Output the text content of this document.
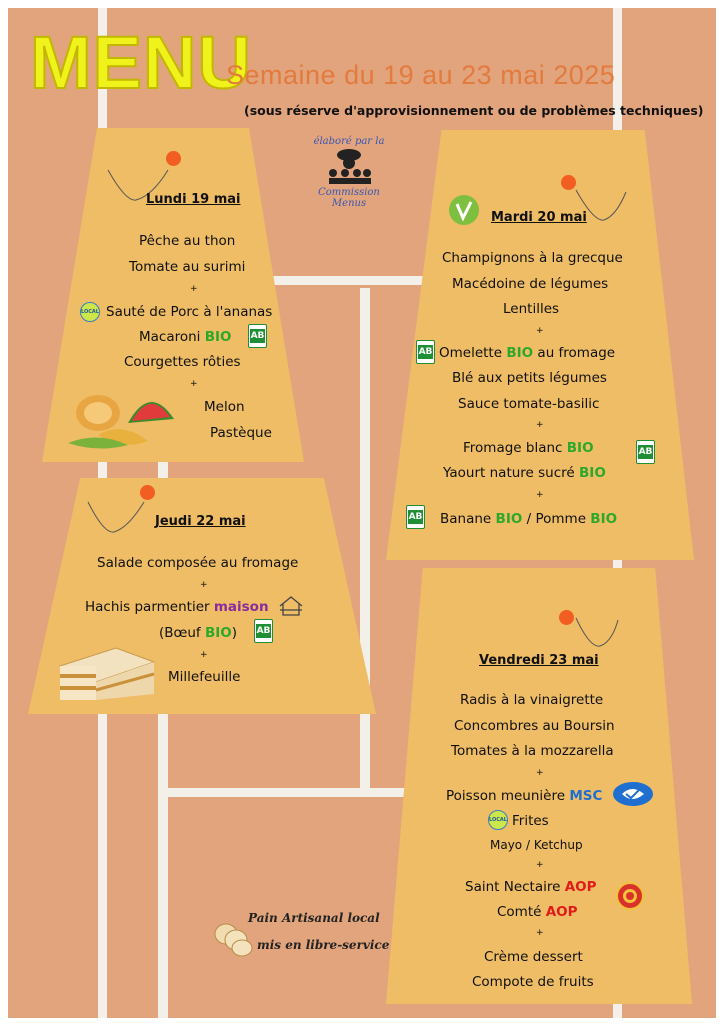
MENU
Semaine du 19 au 23 mai 2025
(sous réserve d'approvisionnement ou de problèmes techniques)
élaboré par la
Commission
Menus
Lundi 19 mai
Pêche au thon
Tomate au surimi
+
LOCAL Sauté de Porc à l'ananas
Macaroni BIO AB
Courgettes rôties
+
Melon
Pastèque
Mardi 20 mai
Champignons à la grecque
Macédoine de légumes
Lentilles
+
AB Omelette BIO au fromage
Blé aux petits légumes
Sauce tomate-basilic
+
Fromage blanc BIO	AB
Yaourt nature sucré BIO
+
AB Banane BIO / Pomme BIO
Jeudi 22 mai
Salade composée au fromage
+
Hachis parmentier maison
(Bœuf BIO) AB
+
Millefeuille
Vendredi 23 mai
Radis à la vinaigrette
Concombres au Boursin
Tomates à la mozzarella
+
Poisson meunière MSC
LOCAL Frites
Mayo / Ketchup
+
Saint Nectaire AOP
Comté AOP
+
Crème dessert
Compote de fruits
Pain Artisanal local
mis en libre-service
